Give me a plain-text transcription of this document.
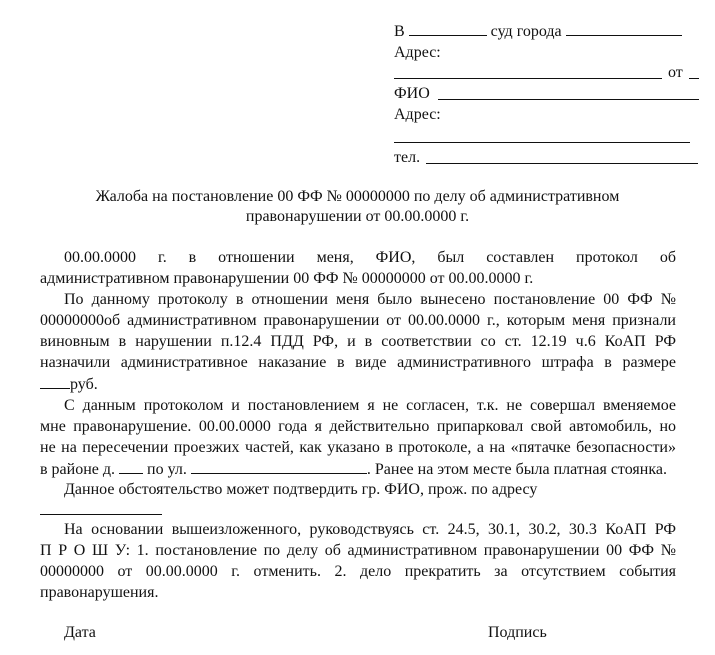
В	суд города
Адрес:
от
ФИО
Адрес:
тел.
Жалоба на постановление 00 ФФ № 00000000 по делу об административном
правонарушении от 00.00.0000 г.
00.00.0000 г. в отношении меня, ФИО, был составлен протокол об
административном правонарушении 00 ФФ № 00000000 от 00.00.0000 г.
По данному протоколу в отношении меня было вынесено постановление 00 ФФ №
00000000об административном правонарушении от 00.00.0000 г., которым меня признали
виновным в нарушении п.12.4 ПДД РФ, и в соответствии со ст. 12.19 ч.6 КоАП РФ
назначили административное наказание в виде административного штрафа в размере
руб.
С данным протоколом и постановлением я не согласен, т.к. не совершал вменяемое
мне правонарушение. 00.00.0000 года я действительно припарковал свой автомобиль, но
не на пересечении проезжих частей, как указано в протоколе, а на «пятачке безопасности»
в районе д. по ул.	. Ранее на этом месте была платная стоянка.
Данное обстоятельство может подтвердить гр. ФИО, прож. по адресу
На основании вышеизложенного, руководствуясь ст. 24.5, 30.1, 30.2, 30.3 КоАП РФ
П Р О Ш У: 1. постановление по делу об административном правонарушении 00 ФФ №
00000000 от 00.00.0000 г. отменить. 2. дело прекратить за отсутствием события
правонарушения.
Дата	Подпись
